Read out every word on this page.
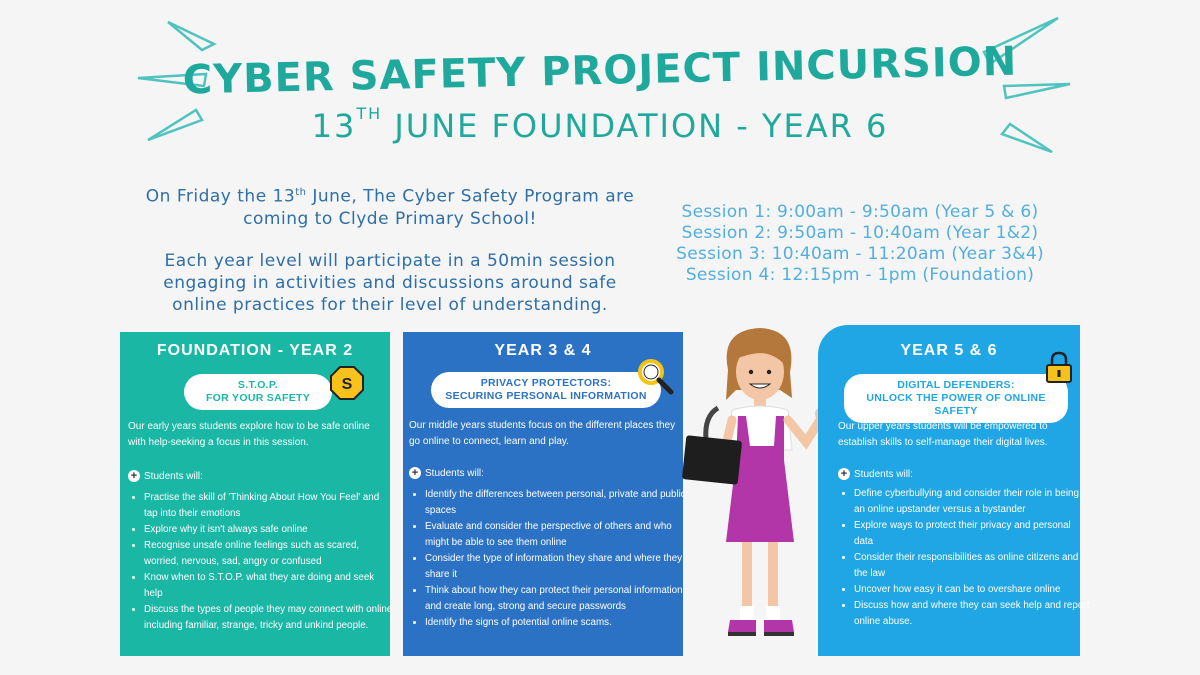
CYBER SAFETY PROJECT INCURSION
13TH JUNE FOUNDATION - YEAR 6

On Friday the 13th June, The Cyber Safety Program are coming to Clyde Primary School!

Each year level will participate in a 50min session engaging in activities and discussions around safe online practices for their level of understanding.

Session 1: 9:00am - 9:50am (Year 5 & 6)
Session 2: 9:50am - 10:40am (Year 1&2)
Session 3: 10:40am - 11:20am (Year 3&4)
Session 4: 12:15pm - 1pm (Foundation)
FOUNDATION - YEAR 2
S.T.O.P.
FOR YOUR SAFETY
S
Our early years students explore how to be safe online with help-seeking a focus in this session.
+ Students will:
• Practise the skill of 'Thinking About How You Feel' and tap into their emotions
• Explore why it isn't always safe online
• Recognise unsafe online feelings such as scared, worried, nervous, sad, angry or confused
• Know when to S.T.O.P. what they are doing and seek help
• Discuss the types of people they may connect with online including familiar, strange, tricky and unkind people.
YEAR 3 & 4
PRIVACY PROTECTORS:
SECURING PERSONAL INFORMATION
Our middle years students focus on the different places they go online to connect, learn and play.
+ Students will:
• Identify the differences between personal, private and public spaces
• Evaluate and consider the perspective of others and who might be able to see them online
• Consider the type of information they share and where they share it
• Think about how they can protect their personal information and create long, strong and secure passwords
• Identify the signs of potential online scams.
YEAR 5 & 6
DIGITAL DEFENDERS:
UNLOCK THE POWER OF ONLINE SAFETY
Our upper years students will be empowered to establish skills to self-manage their digital lives.
+ Students will:
• Define cyberbullying and consider their role in being an online upstander versus a bystander
• Explore ways to protect their privacy and personal data
• Consider their responsibilities as online citizens and the law
• Uncover how easy it can be to overshare online
• Discuss how and where they can seek help and report online abuse.
